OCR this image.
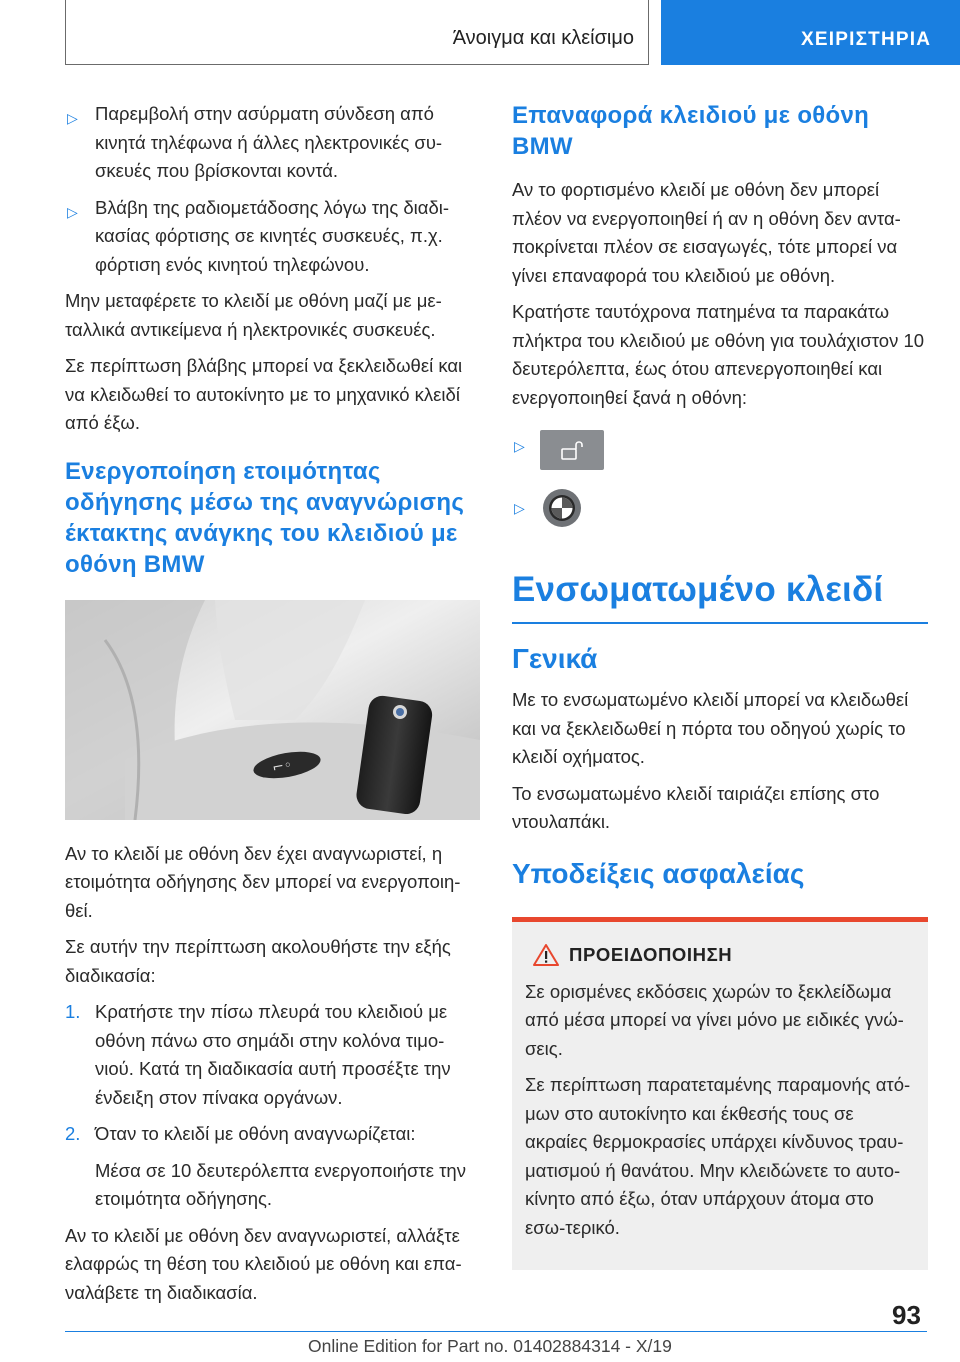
Άνοιγμα και κλείσιμο	ΧΕΙΡΙΣΤΗΡΙΑ
▷ Παρεμβολή στην ασύρματη σύνδεση από κινητά τηλέφωνα ή άλλες ηλεκτρονικές συ-σκευές που βρίσκονται κοντά.
▷ Βλάβη της ραδιομετάδοσης λόγω της διαδι-κασίας φόρτισης σε κινητές συσκευές, π.χ. φόρτιση ενός κινητού τηλεφώνου.

Μην μεταφέρετε το κλειδί με οθόνη μαζί με με-ταλλικά αντικείμενα ή ηλεκτρονικές συσκευές.

Σε περίπτωση βλάβης μπορεί να ξεκλειδωθεί και να κλειδωθεί το αυτοκίνητο με το μηχανικό κλειδί από έξω.

Ενεργοποίηση ετοιμότητας οδήγησης μέσω της αναγνώρισης έκτακτης ανάγκης του κλειδιού με οθόνη BMW
⌐◦

Αν το κλειδί με οθόνη δεν έχει αναγνωριστεί, η ετοιμότητα οδήγησης δεν μπορεί να ενεργοποιη-θεί.

Σε αυτήν την περίπτωση ακολουθήστε την εξής διαδικασία:

1. Κρατήστε την πίσω πλευρά του κλειδιού με οθόνη πάνω στο σημάδι στην κολόνα τιμο-νιού. Κατά τη διαδικασία αυτή προσέξτε την ένδειξη στον πίνακα οργάνων.
2. Όταν το κλειδί με οθόνη αναγνωρίζεται:

Μέσα σε 10 δευτερόλεπτα ενεργοποιήστε την ετοιμότητα οδήγησης.

Αν το κλειδί με οθόνη δεν αναγνωριστεί, αλλάξτε ελαφρώς τη θέση του κλειδιού με οθόνη και επα-ναλάβετε τη διαδικασία.

Επαναφορά κλειδιού με οθόνη BMW

Αν το φορτισμένο κλειδί με οθόνη δεν μπορεί πλέον να ενεργοποιηθεί ή αν η οθόνη δεν αντα-ποκρίνεται πλέον σε εισαγωγές, τότε μπορεί να γίνει επαναφορά του κλειδιού με οθόνη.

Κρατήστε ταυτόχρονα πατημένα τα παρακάτω πλήκτρα του κλειδιού με οθόνη για τουλάχιστον 10 δευτερόλεπτα, έως ότου απενεργοποιηθεί και ενεργοποιηθεί ξανά η οθόνη:

▷
▷
Ενσωματωμένο κλειδί
Γενικά

Με το ενσωματωμένο κλειδί μπορεί να κλειδωθεί και να ξεκλειδωθεί η πόρτα του οδηγού χωρίς το κλειδί οχήματος.

Το ενσωματωμένο κλειδί ταιριάζει επίσης στο ντουλαπάκι.

Υποδείξεις ασφαλείας
ΠΡΟΕΙΔΟΠΟΙΗΣΗ

Σε ορισμένες εκδόσεις χωρών το ξεκλείδωμα από μέσα μπορεί να γίνει μόνο με ειδικές γνώ-σεις.

Σε περίπτωση παρατεταμένης παραμονής ατό-μων στο αυτοκίνητο και έκθεσής τους σε ακραίες θερμοκρασίες υπάρχει κίνδυνος τραυ-ματισμού ή θανάτου. Μην κλειδώνετε το αυτο-κίνητο από έξω, όταν υπάρχουν άτομα στο εσω-τερικό.

93
Online Edition for Part no. 01402884314 - X/19
